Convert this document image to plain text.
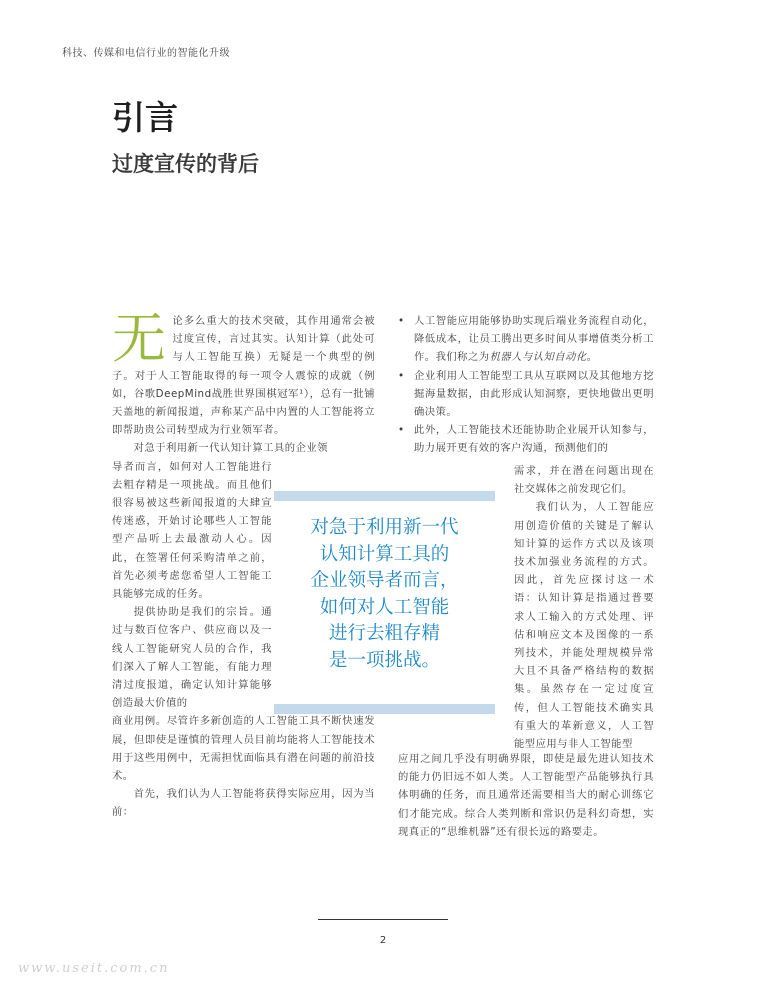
科技、传媒和电信行业的智能化升级
引言
过度宣传的背后

无论多么重大的技术突破，其作用通常会被过度宣传，言过其实。认知计算（此处可与人工智能互换）无疑是一个典型的例子。对于人工智能取得的每一项令人震惊的成就（例如，谷歌DeepMind战胜世界围棋冠军¹），总有一批铺天盖地的新闻报道，声称某产品中内置的人工智能将立即帮助贵公司转型成为行业领军者。

对急于利用新一代认知计算工具的企业领

导者而言，如何对人工智能进行去粗存精是一项挑战。而且他们很容易被这些新闻报道的大肆宣传迷惑，开始讨论哪些人工智能型产品听上去最激动人心。因此，在签署任何采购清单之前，首先必须考虑您希望人工智能工具能够完成的任务。

提供协助是我们的宗旨。通过与数百位客户、供应商以及一线人工智能研究人员的合作，我们深入了解人工智能，有能力理清过度报道，确定认知计算能够创造最大价值的

商业用例。尽管许多新创造的人工智能工具不断快速发展，但即使是谨慎的管理人员目前均能将人工智能技术用于这些用例中，无需担忧面临具有潜在问题的前沿技术。

首先，我们认为人工智能将获得实际应用，因为当前：

• 人工智能应用能够协助实现后端业务流程自动化，降低成本，让员工腾出更多时间从事增值类分析工作。我们称之为机器人与认知自动化。
• 企业利用人工智能型工具从互联网以及其他地方挖掘海量数据，由此形成认知洞察，更快地做出更明确决策。
• 此外，人工智能技术还能协助企业展开认知参与，助力展开更有效的客户沟通，预测他们的

需求，并在潜在问题出现在社交媒体之前发现它们。

我们认为，人工智能应用创造价值的关键是了解认知计算的运作方式以及该项技术加强业务流程的方式。因此，首先应探讨这一术语：认知计算是指通过普要求人工输入的方式处理、评估和响应文本及图像的一系列技术，并能处理规模异常大且不具备严格结构的数据集。虽然存在一定过度宣传，但人工智能技术确实具有重大的革新意义，人工智能型应用与非人工智能型

应用之间几乎没有明确界限，即使是最先进认知技术的能力仍旧远不如人类。人工智能型产品能够执行具体明确的任务，而且通常还需要相当大的耐心训练它们才能完成。综合人类判断和常识仍是科幻奇想，实现真正的“思维机器”还有很长远的路要走。

对急于利用新一代
认知计算工具的
企业领导者而言，
如何对人工智能
进行去粗存精
是一项挑战。
2
www.useit.com.cn
